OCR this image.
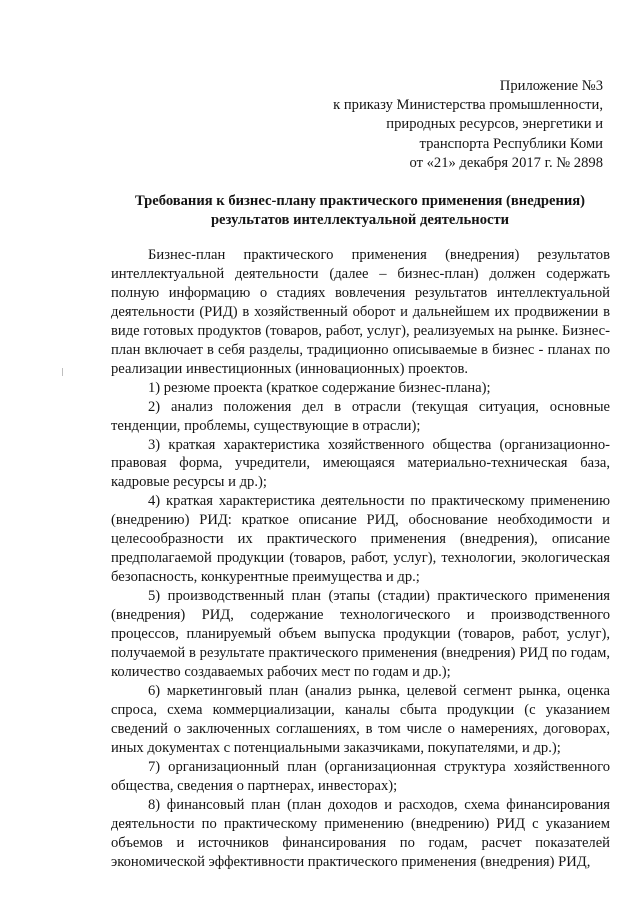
Приложение №3
к приказу Министерства промышленности,
природных ресурсов, энергетики и
транспорта Республики Коми
от «21» декабря 2017 г. № 2898
Требования к бизнес-плану практического применения (внедрения)
результатов интеллектуальной деятельности

Бизнес-план практического применения (внедрения) результатов интеллектуальной деятельности (далее – бизнес-план) должен содержать полную информацию о стадиях вовлечения результатов интеллектуальной деятельности (РИД) в хозяйственный оборот и дальнейшем их продвижении в виде готовых продуктов (товаров, работ, услуг), реализуемых на рынке. Бизнес-план включает в себя разделы, традиционно описываемые в бизнес - планах по реализации инвестиционных (инновационных) проектов.

1) резюме проекта (краткое содержание бизнес-плана);

2) анализ положения дел в отрасли (текущая ситуация, основные тенденции, проблемы, существующие в отрасли);

3) краткая характеристика хозяйственного общества (организационно-правовая форма, учредители, имеющаяся материально-техническая база, кадровые ресурсы и др.);

4) краткая характеристика деятельности по практическому применению (внедрению) РИД: краткое описание РИД, обоснование необходимости и целесообразности их практического применения (внедрения), описание предполагаемой продукции (товаров, работ, услуг), технологии, экологическая безопасность, конкурентные преимущества и др.;

5) производственный план (этапы (стадии) практического применения (внедрения) РИД, содержание технологического и производственного процессов, планируемый объем выпуска продукции (товаров, работ, услуг), получаемой в результате практического применения (внедрения) РИД по годам, количество создаваемых рабочих мест по годам и др.);

6) маркетинговый план (анализ рынка, целевой сегмент рынка, оценка спроса, схема коммерциализации, каналы сбыта продукции (с указанием сведений о заключенных соглашениях, в том числе о намерениях, договорах, иных документах с потенциальными заказчиками, покупателями, и др.);

7) организационный план (организационная структура хозяйственного общества, сведения о партнерах, инвесторах);

8) финансовый план (план доходов и расходов, схема финансирования деятельности по практическому применению (внедрению) РИД с указанием объемов и источников финансирования по годам, расчет показателей экономической эффективности практического применения (внедрения) РИД,
